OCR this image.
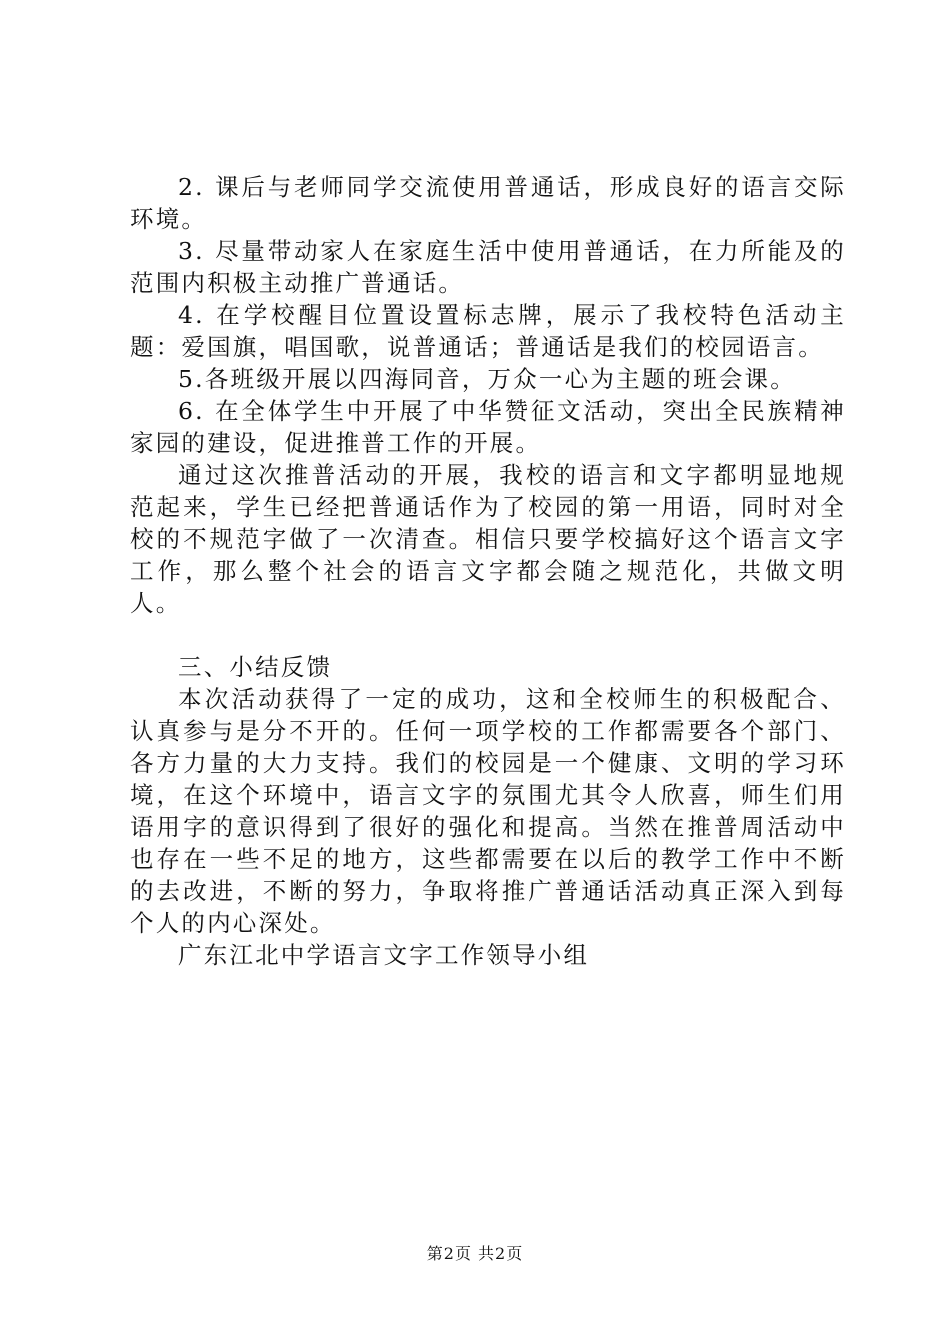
2. 课后与老师同学交流使用普通话，形成良好的语言交际环境。

3. 尽量带动家人在家庭生活中使用普通话，在力所能及的范围内积极主动推广普通话。

4. 在学校醒目位置设置标志牌，展示了我校特色活动主题：爱国旗，唱国歌，说普通话；普通话是我们的校园语言。

5.各班级开展以四海同音，万众一心为主题的班会课。

6. 在全体学生中开展了中华赞征文活动，突出全民族精神家园的建设，促进推普工作的开展。

通过这次推普活动的开展，我校的语言和文字都明显地规范起来，学生已经把普通话作为了校园的第一用语，同时对全校的不规范字做了一次清查。相信只要学校搞好这个语言文字工作，那么整个社会的语言文字都会随之规范化，共做文明人。

三、小结反馈

本次活动获得了一定的成功，这和全校师生的积极配合、认真参与是分不开的。任何一项学校的工作都需要各个部门、各方力量的大力支持。我们的校园是一个健康、文明的学习环境，在这个环境中，语言文字的氛围尤其令人欣喜，师生们用语用字的意识得到了很好的强化和提高。当然在推普周活动中也存在一些不足的地方，这些都需要在以后的教学工作中不断的去改进，不断的努力，争取将推广普通话活动真正深入到每个人的内心深处。

广东江北中学语言文字工作领导小组

第2页 共2页
